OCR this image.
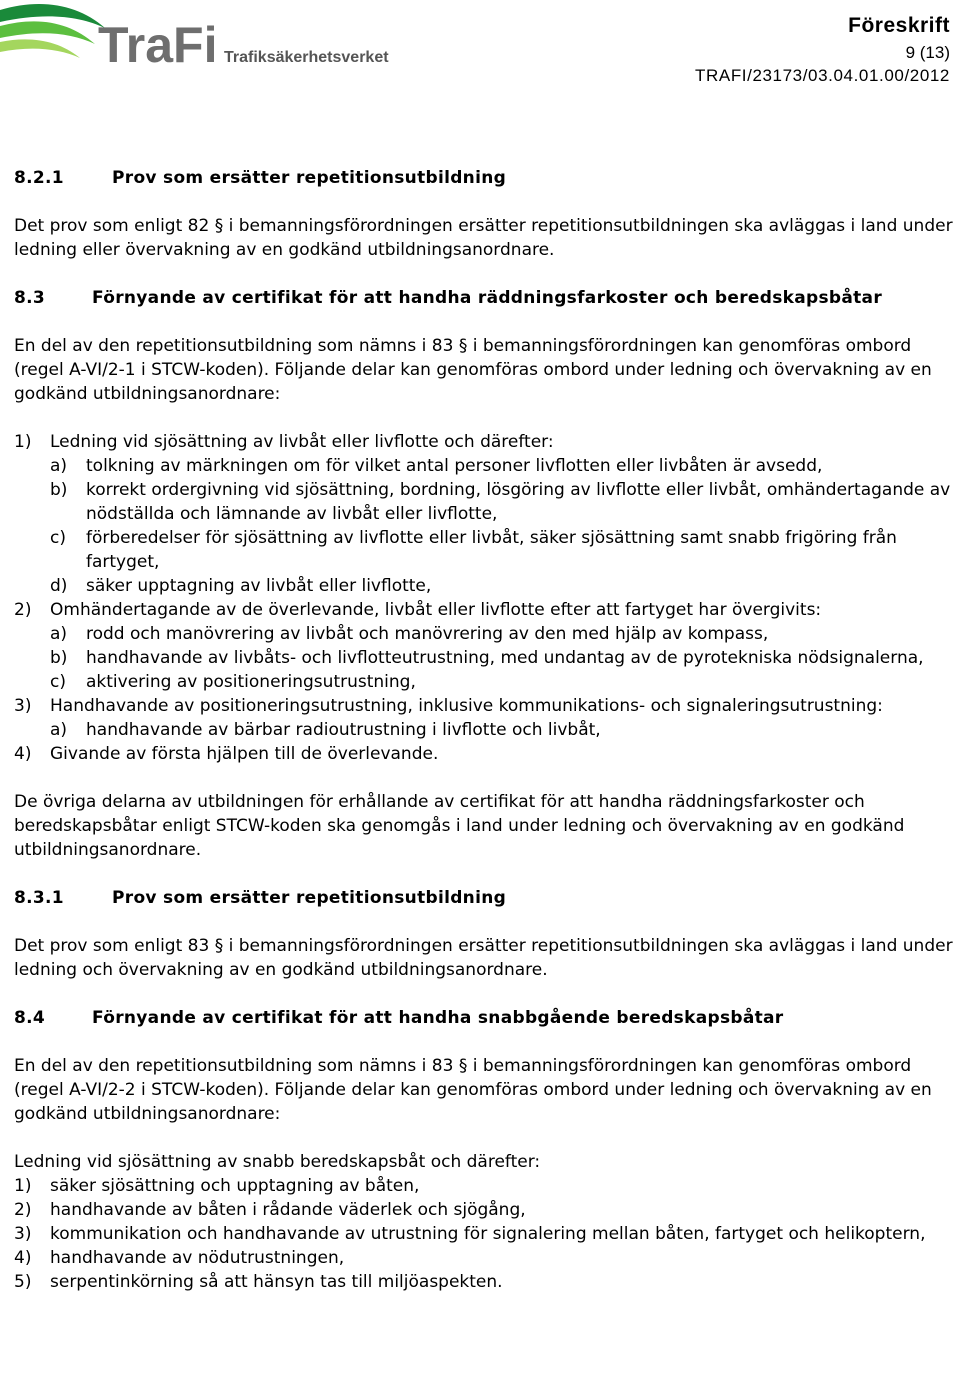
TraFi Trafiksäkerhetsverket
Föreskrift
9 (13)
TRAFI/23173/03.04.01.00/2012
8.2.1	Prov som ersätter repetitionsutbildning

Det prov som enligt 82 § i bemanningsförordningen ersätter repetitionsutbildningen ska avläggas i land under ledning eller övervakning av en godkänd utbildningsanordnare.

8.3	Förnyande av certifikat för att handha räddningsfarkoster och beredskapsbåtar

En del av den repetitionsutbildning som nämns i 83 § i bemanningsförordningen kan genomföras ombord (regel A-VI/2-1 i STCW-koden). Följande delar kan genomföras ombord under ledning och övervakning av en godkänd utbildningsanordnare:

1)	Ledning vid sjösättning av livbåt eller livflotte och därefter:
a)	tolkning av märkningen om för vilket antal personer livflotten eller livbåten är avsedd,
b)	korrekt ordergivning vid sjösättning, bordning, lösgöring av livflotte eller livbåt, omhändertagande av nödställda och lämnande av livbåt eller livflotte,
c)	förberedelser för sjösättning av livflotte eller livbåt, säker sjösättning samt snabb frigöring från fartyget,
d)	säker upptagning av livbåt eller livflotte,
2)	Omhändertagande av de överlevande, livbåt eller livflotte efter att fartyget har övergivits:
a)	rodd och manövrering av livbåt och manövrering av den med hjälp av kompass,
b)	handhavande av livbåts- och livflotteutrustning, med undantag av de pyrotekniska nödsignalerna,
c)	aktivering av positioneringsutrustning,
3)	Handhavande av positioneringsutrustning, inklusive kommunikations- och signaleringsutrustning:
a)	handhavande av bärbar radioutrustning i livflotte och livbåt,
4)	Givande av första hjälpen till de överlevande.

De övriga delarna av utbildningen för erhållande av certifikat för att handha räddningsfarkoster och beredskapsbåtar enligt STCW-koden ska genomgås i land under ledning och övervakning av en godkänd utbildningsanordnare.

8.3.1	Prov som ersätter repetitionsutbildning

Det prov som enligt 83 § i bemanningsförordningen ersätter repetitionsutbildningen ska avläggas i land under ledning och övervakning av en godkänd utbildningsanordnare.

8.4	Förnyande av certifikat för att handha snabbgående beredskapsbåtar

En del av den repetitionsutbildning som nämns i 83 § i bemanningsförordningen kan genomföras ombord (regel A-VI/2-2 i STCW-koden). Följande delar kan genomföras ombord under ledning och övervakning av en godkänd utbildningsanordnare:

Ledning vid sjösättning av snabb beredskapsbåt och därefter:

1)	säker sjösättning och upptagning av båten,
2)	handhavande av båten i rådande väderlek och sjögång,
3)	kommunikation och handhavande av utrustning för signalering mellan båten, fartyget och helikoptern,
4)	handhavande av nödutrustningen,
5)	serpentinkörning så att hänsyn tas till miljöaspekten.
